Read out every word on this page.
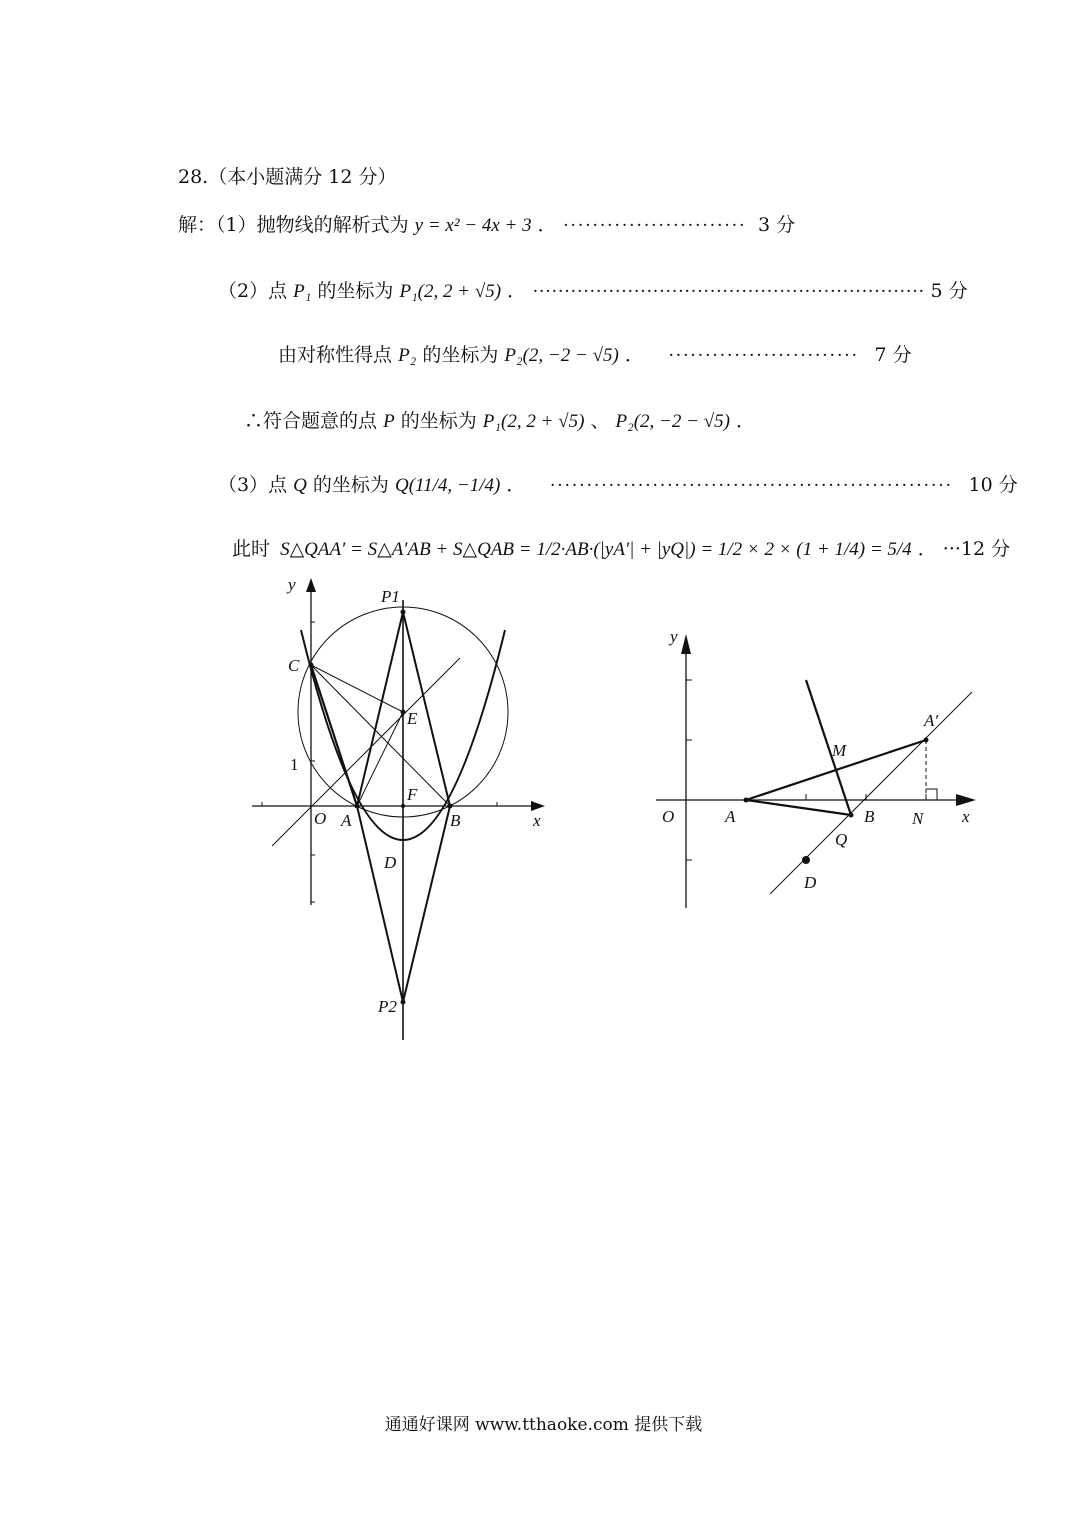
28.（本小题满分 12 分）
解：（1）抛物线的解析式为 y = x² − 4x + 3 ． ························· 3 分
（2）点 P₁ 的坐标为 P₁(2, 2 + √5) ． ······························································ 5 分
由对称性得点 P₂ 的坐标为 P₂(2, −2 − √5) ． ·························· 7 分
∴符合题意的点 P 的坐标为 P₁(2, 2 + √5) 、 P₂(2, −2 − √5) ．
（3）点 Q 的坐标为 Q(11/4, −1/4) ． ······················································· 10 分
此时 S△QAA′ = S△A′AB + S△QAB = 1/2·AB·(|yA′| + |yQ|) = 1/2 × 2 × (1 + 1/4) = 5/4 ． ···12 分
y
x
O A	B
C
D
E
F
P1
P2
1
y
x
O	A	B
Q
N
M
A′
D
通通好课网 www.tthaoke.com 提供下载
